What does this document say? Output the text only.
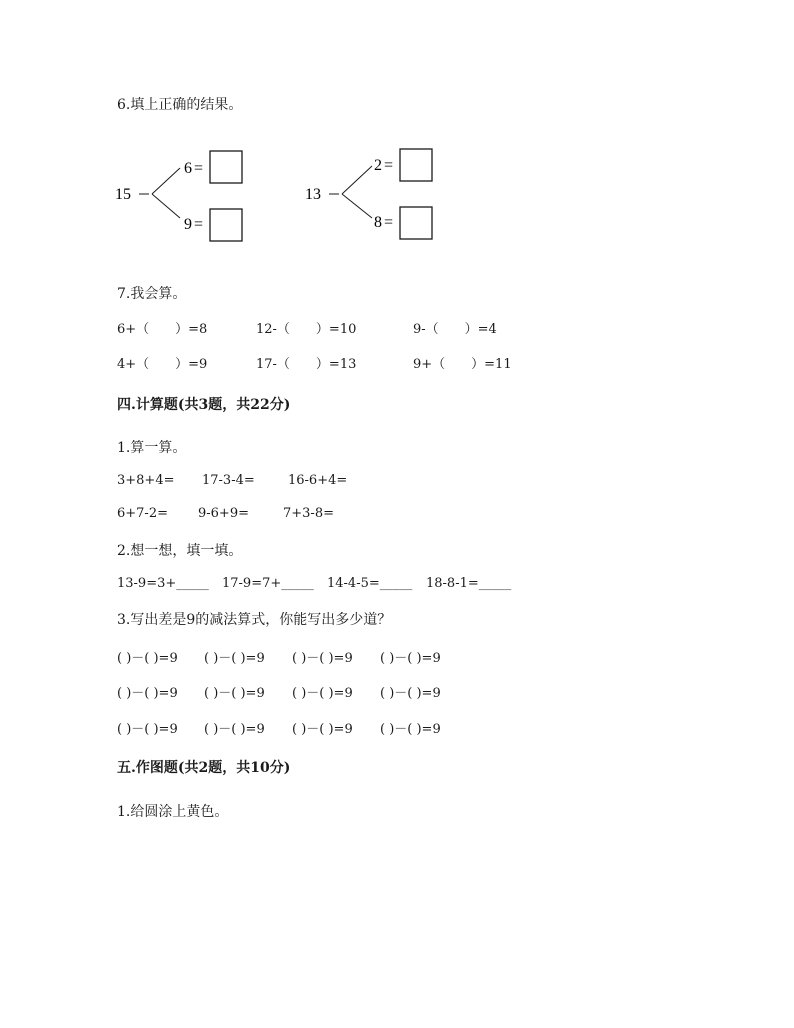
6.填上正确的结果。
15
6 =
9 =
13
2 =
8 =
7.我会算。
6+（　　）=8	12-（　　）=10	9-（　　）=4
4+（　　）=9	17-（　　）=13	9+（　　）=11
四.计算题(共3题，共22分)
1.算一算。
3+8+4= 17-3-4=	16-6+4=
6+7-2= 9-6+9=	7+3-8=
2.想一想，填一填。
13-9=3+_____ 17-9=7+_____ 14-4-5=_____ 18-8-1=_____
3.写出差是9的减法算式，你能写出多少道？
( )－( )=9 ( )－( )=9 ( )－( )=9 ( )－( )=9
( )－( )=9 ( )－( )=9 ( )－( )=9 ( )－( )=9
( )－( )=9 ( )－( )=9 ( )－( )=9 ( )－( )=9
五.作图题(共2题，共10分)
1.给圆涂上黄色。
